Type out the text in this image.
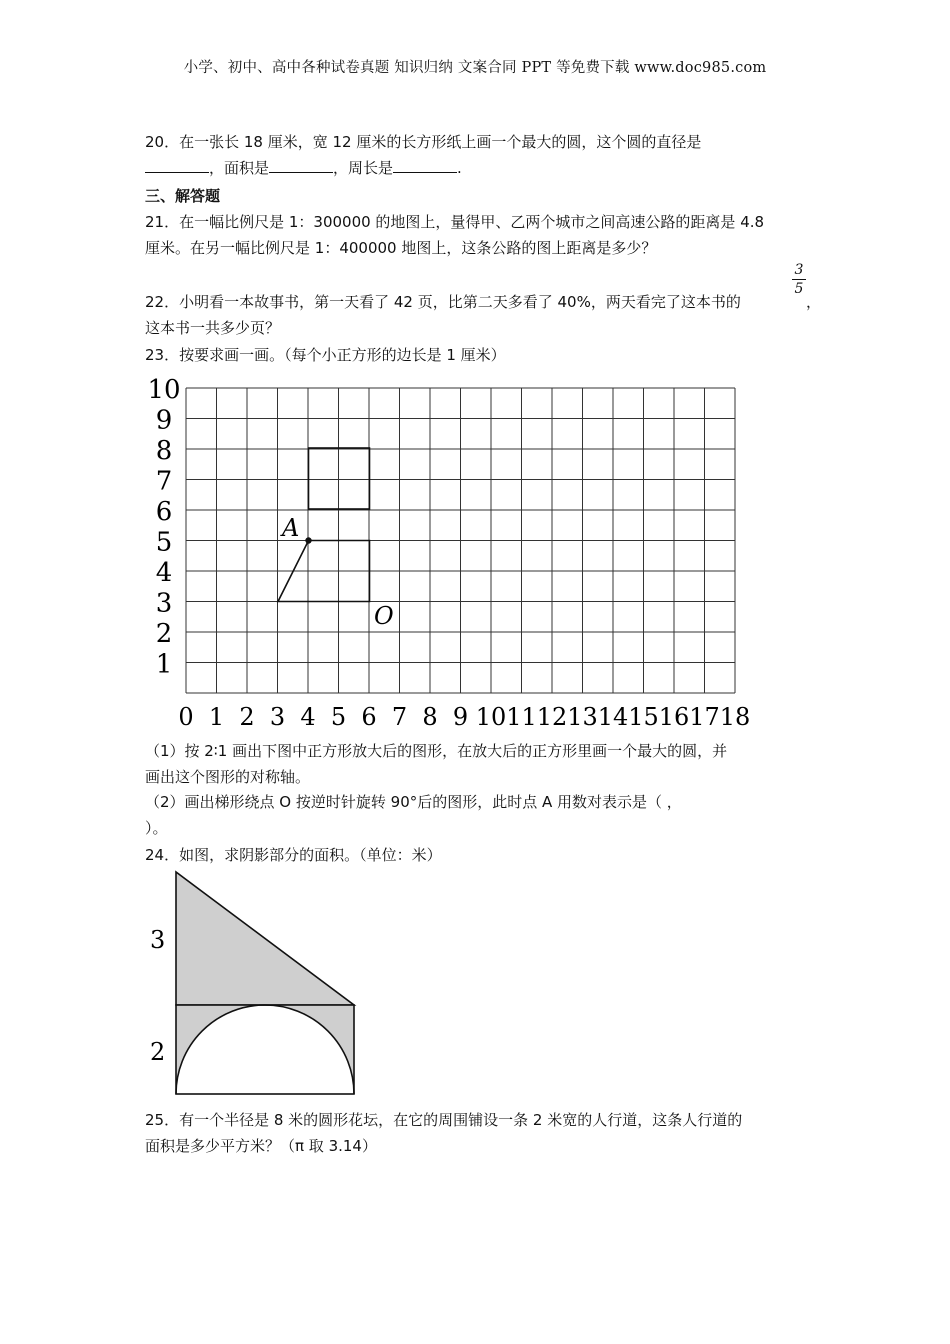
小学、初中、高中各种试卷真题 知识归纳 文案合同 PPT 等免费下载 www.doc985.com
20．在一张长 18 厘米，宽 12 厘米的长方形纸上画一个最大的圆，这个圆的直径是
，面积是	，周长是	.
三、解答题
21．在一幅比例尺是 1：300000 的地图上，量得甲、乙两个城市之间高速公路的距离是 4.8
厘米。在另一幅比例尺是 1：400000 地图上，这条公路的图上距离是多少？
22．小明看一本故事书，第一天看了 42 页，比第二天多看了 40%，两天看完了这本书的
这本书一共多少页？
3
5
，
23．按要求画一画。（每个小正方形的边长是 1 厘米）
10
9
8
7
6
5
4
3
2
1
0 1 2 3 4 5 6 7 8 9 10 11 12 13 14 15 16 17 18
A
O
（1）按 2∶1 画出下图中正方形放大后的图形，在放大后的正方形里画一个最大的圆，并
画出这个图形的对称轴。
（2）画出梯形绕点 O 按逆时针旋转 90°后的图形，此时点 A 用数对表示是（ ，
）。
24．如图，求阴影部分的面积。（单位：米）
3
2
25．有一个半径是 8 米的圆形花坛，在它的周围铺设一条 2 米宽的人行道，这条人行道的
面积是多少平方米？（π 取 3.14）
